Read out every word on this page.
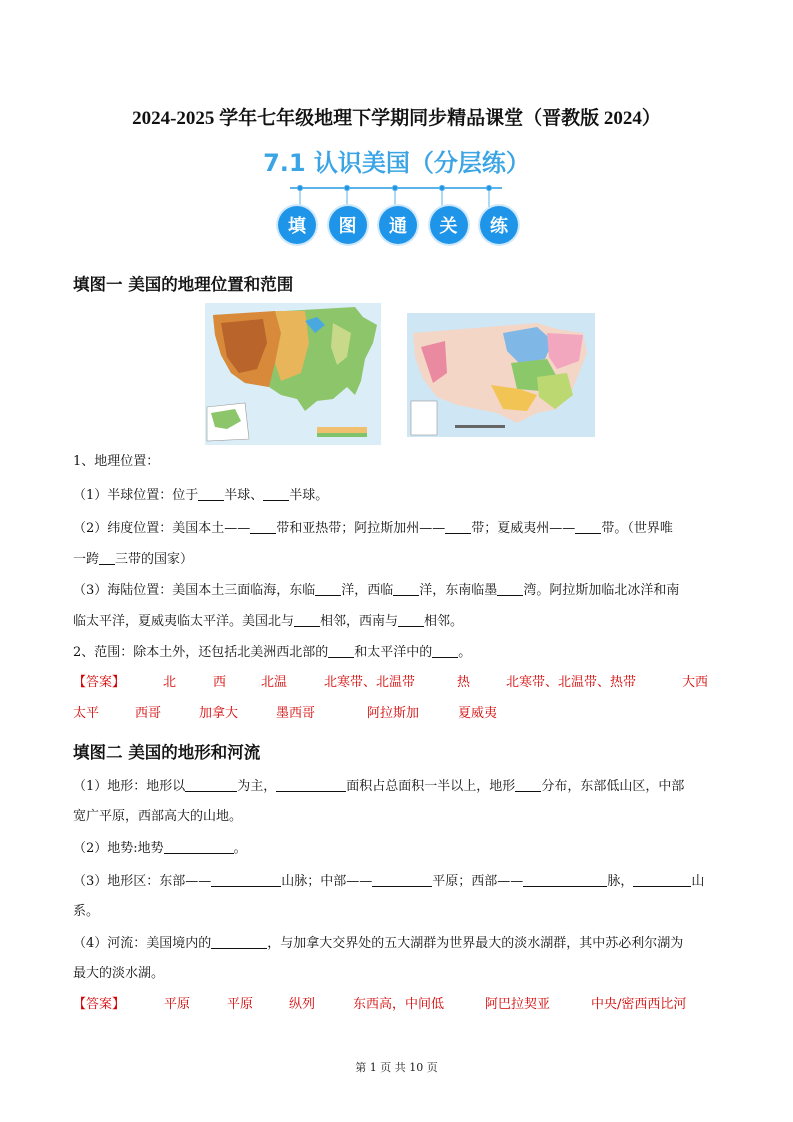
2024-2025 学年七年级地理下学期同步精品课堂（晋教版 2024）
7.1 认识美国（分层练）
填	图	通	关	练
填图一 美国的地理位置和范围
1、地理位置：
（1）半球位置：位于 半球、 半球。
（2）纬度位置：美国本土—— 带和亚热带；阿拉斯加州—— 带；夏威夷州—— 带。（世界唯
一跨 三带的国家）
（3）海陆位置：美国本土三面临海，东临 洋，西临 洋，东南临墨 湾。阿拉斯加临北冰洋和南
临太平洋，夏威夷临太平洋。美国北与 相邻，西南与 相邻。
2、范围：除本土外，还包括北美洲西北部的 和太平洋中的 。
【答案】	北	西	北温	北寒带、北温带	热	北寒带、北温带、热带	大西
太平	西哥	加拿大	墨西哥	阿拉斯加	夏威夷
填图二 美国的地形和河流
（1）地形：地形以	为主，	面积占总面积一半以上，地形 分布，东部低山区，中部
宽广平原，西部高大的山地。
（2）地势:地势	。
（3）地形区：东部——	山脉；中部——	平原；西部——	脉，	山
系。
（4）河流：美国境内的	，与加拿大交界处的五大湖群为世界最大的淡水湖群，其中苏必利尔湖为
最大的淡水湖。
【答案】	平原	平原	纵列	东西高，中间低	阿巴拉契亚	中央/密西西比河
第 1 页 共 10 页
